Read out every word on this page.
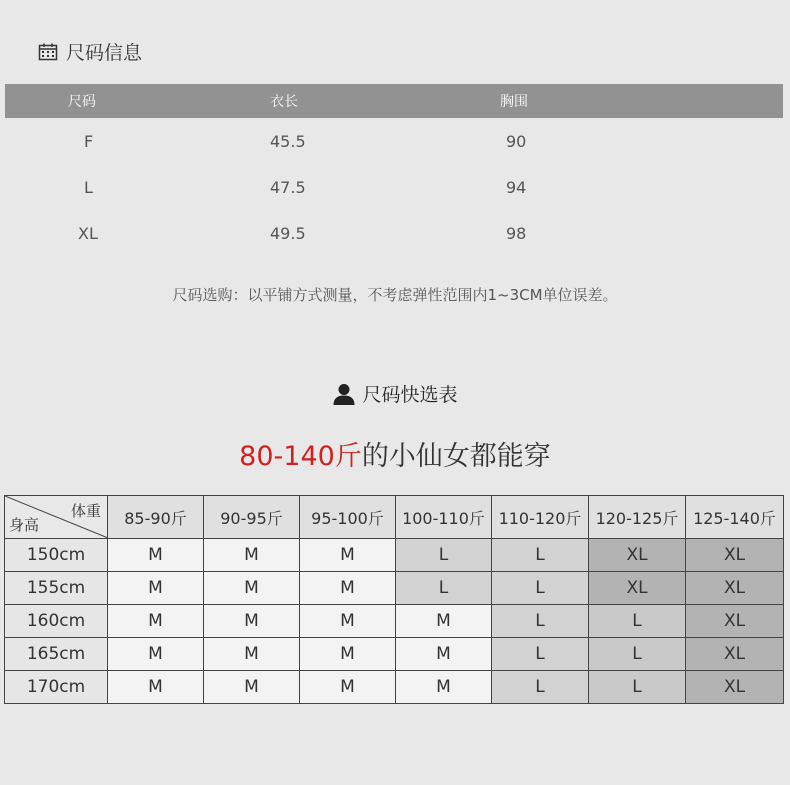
尺码信息
尺码	衣长	胸围
F	45.5	90
L	47.5	94
XL	49.5	98
尺码选购：以平铺方式测量，不考虑弹性范围内1~3CM单位误差。
尺码快选表
80-140斤的小仙女都能穿
体重
身高	85-90斤	90-95斤	95-100斤	100-110斤	110-120斤	120-125斤	125-140斤
150cm	M	M	M	L	L	XL	XL
155cm	M	M	M	L	L	XL	XL
160cm	M	M	M	M	L	L	XL
165cm	M	M	M	M	L	L	XL
170cm	M	M	M	M	L	L	XL
